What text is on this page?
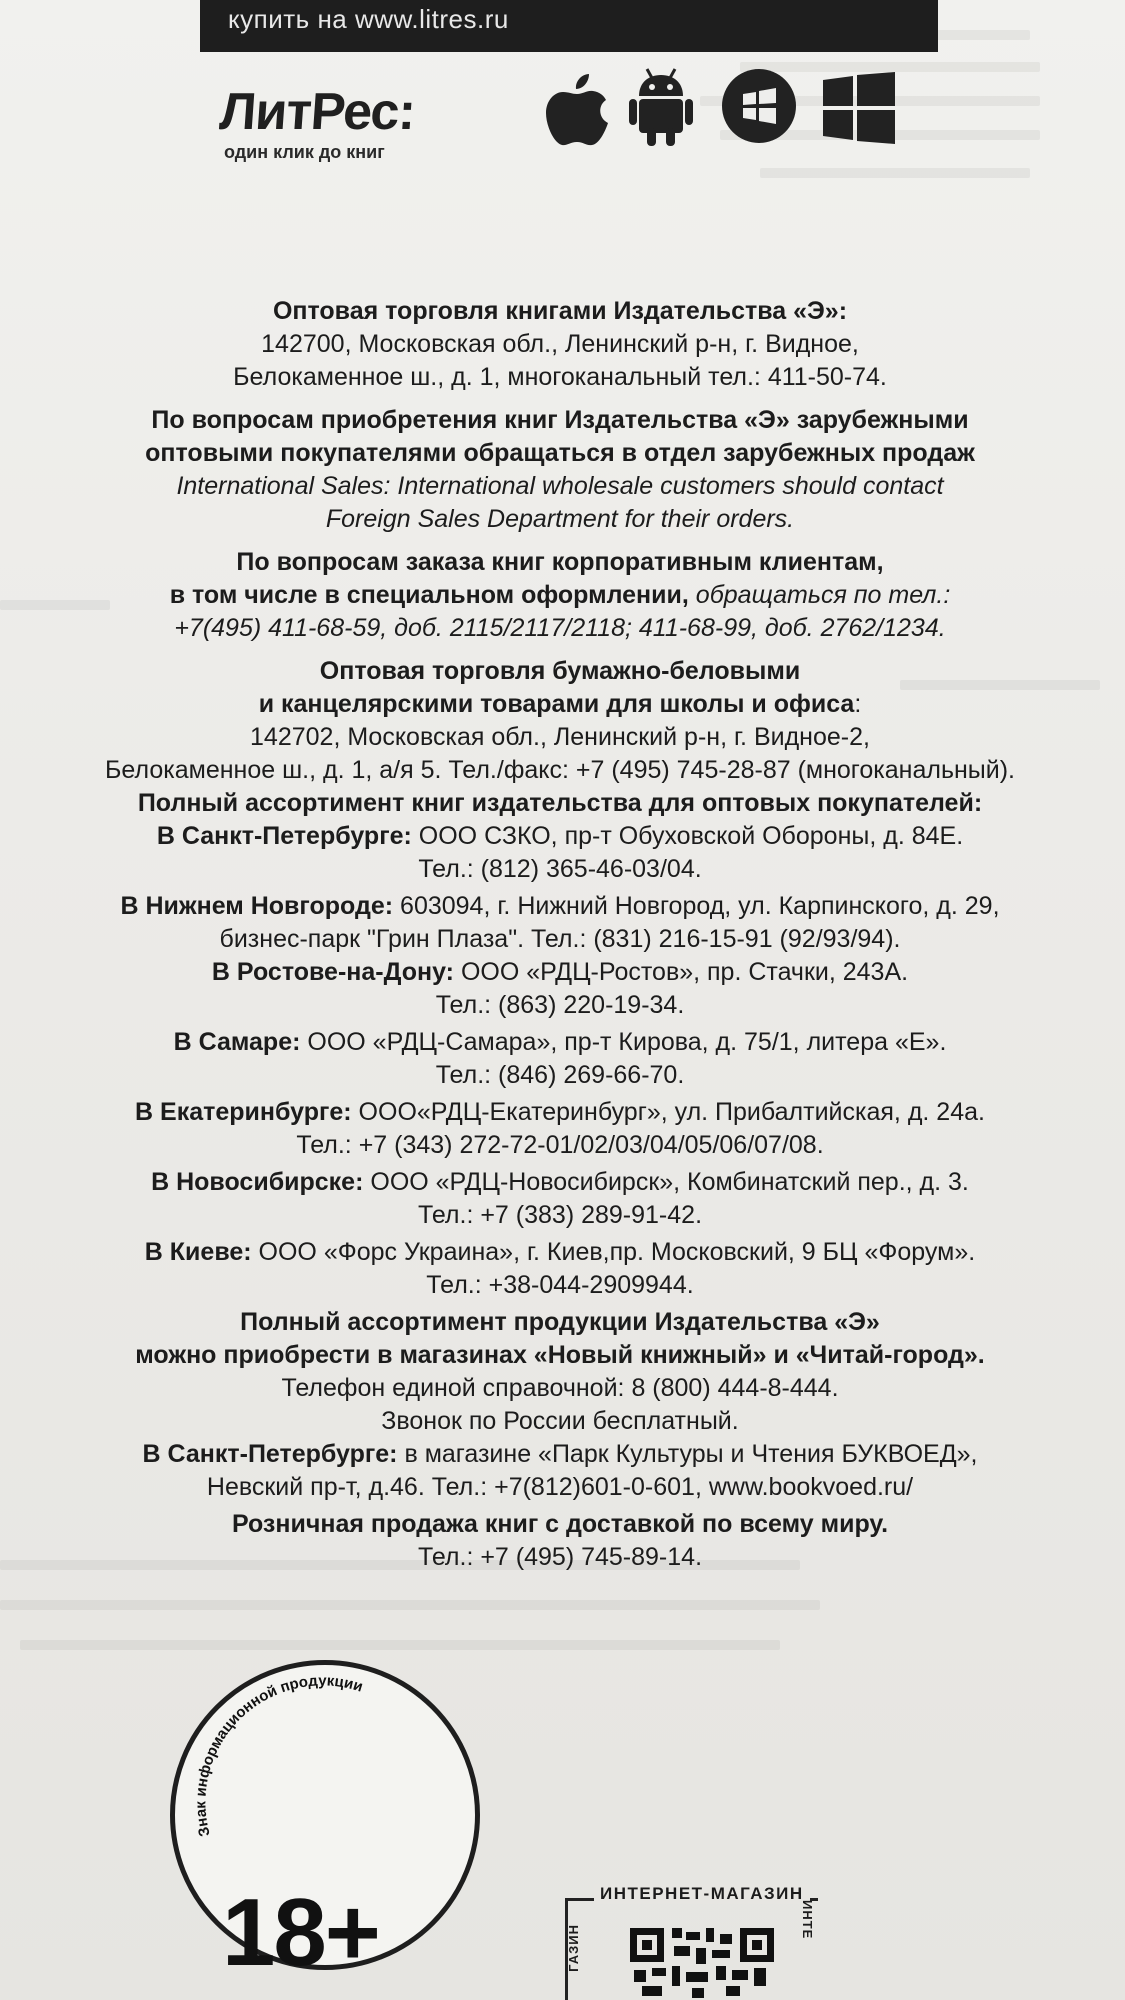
купить на www.litres.ru
ЛитРес:
один клик до книг

Оптовая торговля книгами Издательства «Э»:

142700, Московская обл., Ленинский р-н, г. Видное,

Белокаменное ш., д. 1, многоканальный тел.: 411-50-74.

По вопросам приобретения книг Издательства «Э» зарубежными

оптовыми покупателями обращаться в отдел зарубежных продаж

International Sales: International wholesale customers should contact

Foreign Sales Department for their orders.

По вопросам заказа книг корпоративным клиентам,

в том числе в специальном оформлении, обращаться по тел.:

+7(495) 411-68-59, доб. 2115/2117/2118; 411-68-99, доб. 2762/1234.

Оптовая торговля бумажно-беловыми

и канцелярскими товарами для школы и офиса:

142702, Московская обл., Ленинский р-н, г. Видное-2,

Белокаменное ш., д. 1, а/я 5. Тел./факс: +7 (495) 745-28-87 (многоканальный).

Полный ассортимент книг издательства для оптовых покупателей:

В Санкт-Петербурге: ООО СЗКО, пр-т Обуховской Обороны, д. 84Е.

Тел.: (812) 365-46-03/04.

В Нижнем Новгороде: 603094, г. Нижний Новгород, ул. Карпинского, д. 29,

бизнес-парк "Грин Плаза". Тел.: (831) 216-15-91 (92/93/94).

В Ростове-на-Дону: ООО «РДЦ-Ростов», пр. Стачки, 243А.

Тел.: (863) 220-19-34.

В Самаре: ООО «РДЦ-Самара», пр-т Кирова, д. 75/1, литера «Е».

Тел.: (846) 269-66-70.

В Екатеринбурге: ООО«РДЦ-Екатеринбург», ул. Прибалтийская, д. 24а.

Тел.: +7 (343) 272-72-01/02/03/04/05/06/07/08.

В Новосибирске: ООО «РДЦ-Новосибирск», Комбинатский пер., д. 3.

Тел.: +7 (383) 289-91-42.

В Киеве: ООО «Форс Украина», г. Киев,пр. Московский, 9 БЦ «Форум».

Тел.: +38-044-2909944.

Полный ассортимент продукции Издательства «Э»

можно приобрести в магазинах «Новый книжный» и «Читай-город».

Телефон единой справочной: 8 (800) 444-8-444.

Звонок по России бесплатный.

В Санкт-Петербурге: в магазине «Парк Культуры и Чтения БУКВОЕД»,

Невский пр-т, д.46. Тел.: +7(812)601-0-601, www.bookvoed.ru/

Розничная продажа книг с доставкой по всему миру.

Тел.: +7 (495) 745-89-14.

Знак информационной продукции
18+	ИНТЕРНЕТ-МАГАЗИН
ГАЗИН
ИНТЕ
